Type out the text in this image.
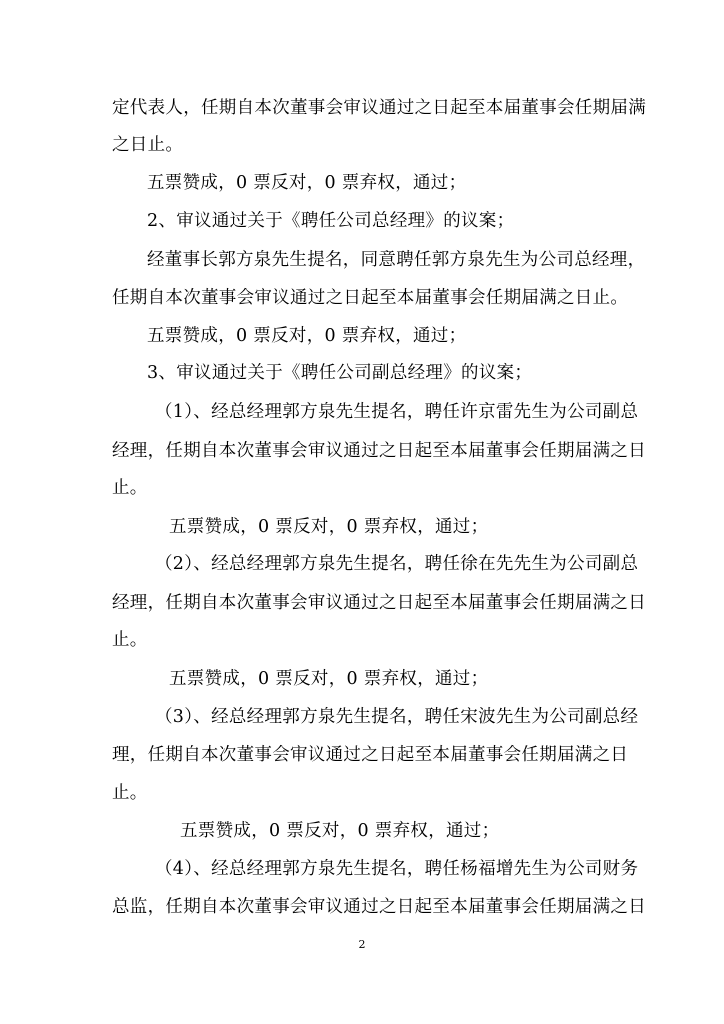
定代表人，任期自本次董事会审议通过之日起至本届董事会任期届满
之日止。
五票赞成，0 票反对，0 票弃权，通过；
2、审议通过关于《聘任公司总经理》的议案；
经董事长郭方泉先生提名，同意聘任郭方泉先生为公司总经理，
任期自本次董事会审议通过之日起至本届董事会任期届满之日止。
五票赞成，0 票反对，0 票弃权，通过；
3、审议通过关于《聘任公司副总经理》的议案；
（1）、经总经理郭方泉先生提名，聘任许京雷先生为公司副总
经理，任期自本次董事会审议通过之日起至本届董事会任期届满之日
止。
五票赞成，0 票反对，0 票弃权，通过；
（2）、经总经理郭方泉先生提名，聘任徐在先先生为公司副总
经理，任期自本次董事会审议通过之日起至本届董事会任期届满之日
止。
五票赞成，0 票反对，0 票弃权，通过；
（3）、经总经理郭方泉先生提名，聘任宋波先生为公司副总经
理，任期自本次董事会审议通过之日起至本届董事会任期届满之日
止。
五票赞成，0 票反对，0 票弃权，通过；
（4）、经总经理郭方泉先生提名，聘任杨福增先生为公司财务
总监，任期自本次董事会审议通过之日起至本届董事会任期届满之日
2
